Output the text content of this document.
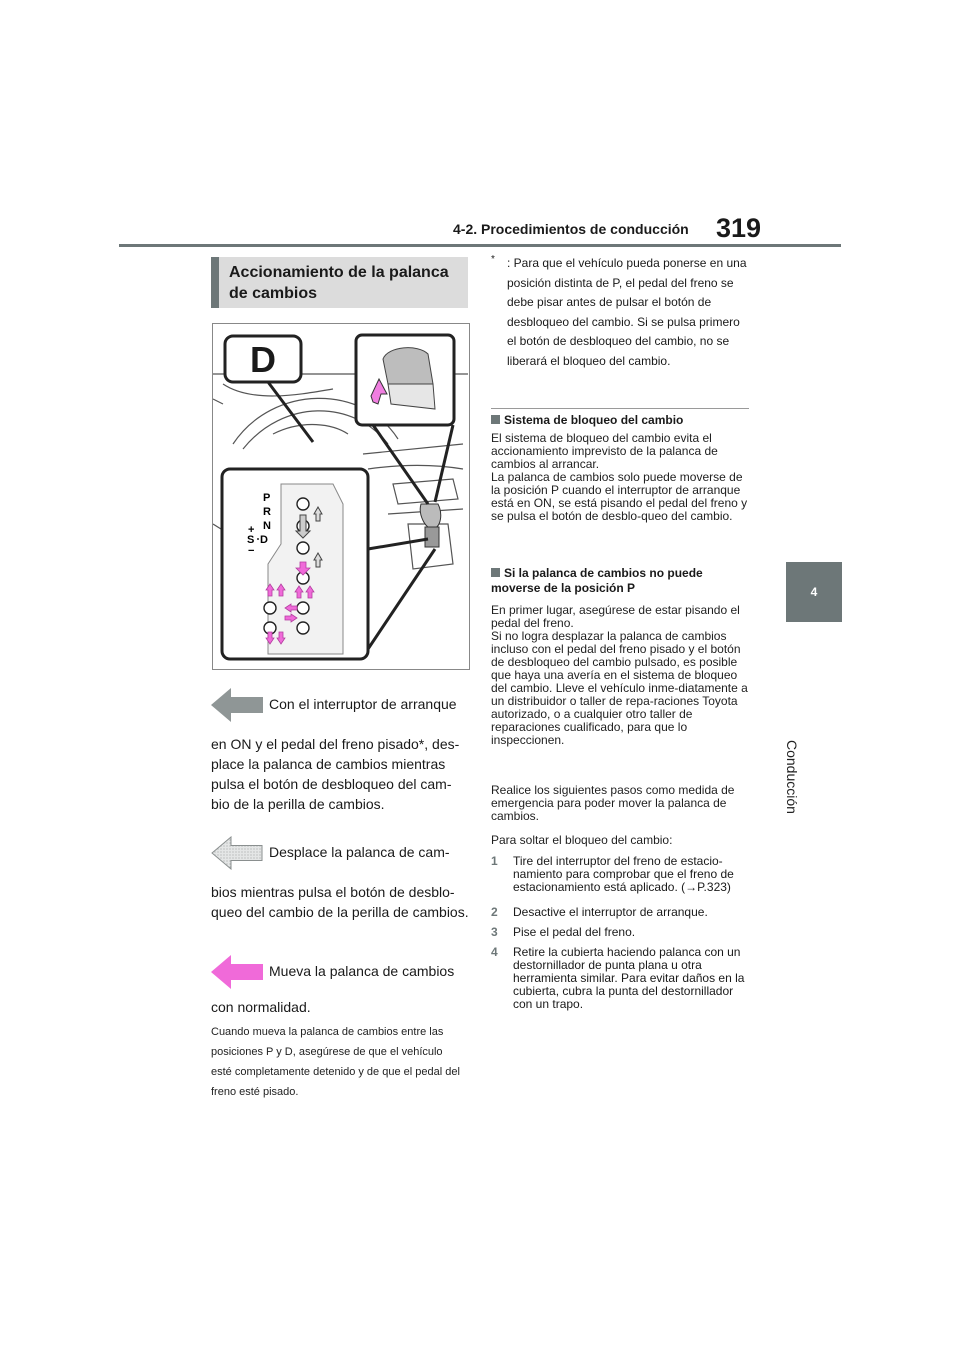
4-2. Procedimientos de conducción 319
4
Conducción
Accionamiento de la palanca de cambios
D
P
R
N
D
S
+
−
Con el interruptor de arranque
en ON y el pedal del freno pisado*, des-place la palanca de cambios mientras pulsa el botón de desbloqueo del cam-bio de la perilla de cambios.
Desplace la palanca de cam-
bios mientras pulsa el botón de desblo-queo del cambio de la perilla de cambios.
Mueva la palanca de cambios
con normalidad.
Cuando mueva la palanca de cambios entre las posiciones P y D, asegúrese de que el vehículo esté completamente detenido y de que el pedal del freno esté pisado.
* : Para que el vehículo pueda ponerse en una posición distinta de P, el pedal del freno se debe pisar antes de pulsar el botón de desbloqueo del cambio. Si se pulsa primero el botón de desbloqueo del cambio, no se liberará el bloqueo del cambio.
Sistema de bloqueo del cambio
El sistema de bloqueo del cambio evita el accionamiento imprevisto de la palanca de cambios al arrancar.
La palanca de cambios solo puede moverse de la posición P cuando el interruptor de arranque está en ON, se está pisando el pedal del freno y se pulsa el botón de desblo-queo del cambio.
Si la palanca de cambios no puede moverse de la posición P
En primer lugar, asegúrese de estar pisando el pedal del freno.
Si no logra desplazar la palanca de cambios incluso con el pedal del freno pisado y el botón de desbloqueo del cambio pulsado, es posible que haya una avería en el sistema de bloqueo del cambio. Lleve el vehículo inme-diatamente a un distribuidor o taller de repa-raciones Toyota autorizado, o a cualquier otro taller de reparaciones cualificado, para que lo inspeccionen.
Realice los siguientes pasos como medida de emergencia para poder mover la palanca de cambios.
Para soltar el bloqueo del cambio:
1 Tire del interruptor del freno de estacio-namiento para comprobar que el freno de estacionamiento está aplicado. (→P.323)
2 Desactive el interruptor de arranque.
3 Pise el pedal del freno.
4 Retire la cubierta haciendo palanca con un destornillador de punta plana u otra herramienta similar. Para evitar daños en la cubierta, cubra la punta del destornillador con un trapo.
